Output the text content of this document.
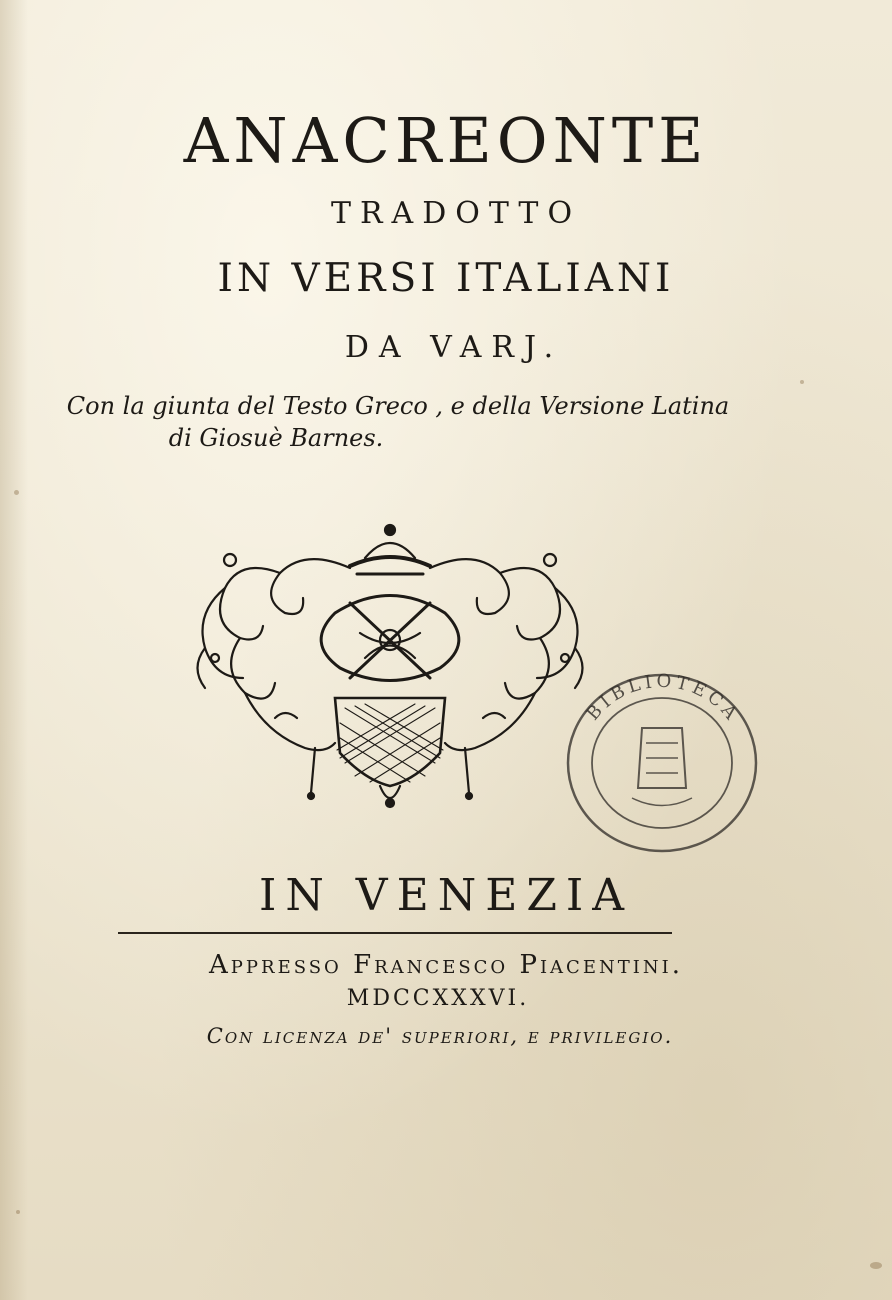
ANACREONTE
TRADOTTO
IN VERSI ITALIANI
DA VARJ.
Con la giunta del Testo Greco , e della Versione Latina
di Giosuè Barnes.
BIBLIOTECA
IN VENEZIA
Appresso Francesco Piacentini.
MDCCXXXVI.
Con licenza de' superiori, e privilegio.
